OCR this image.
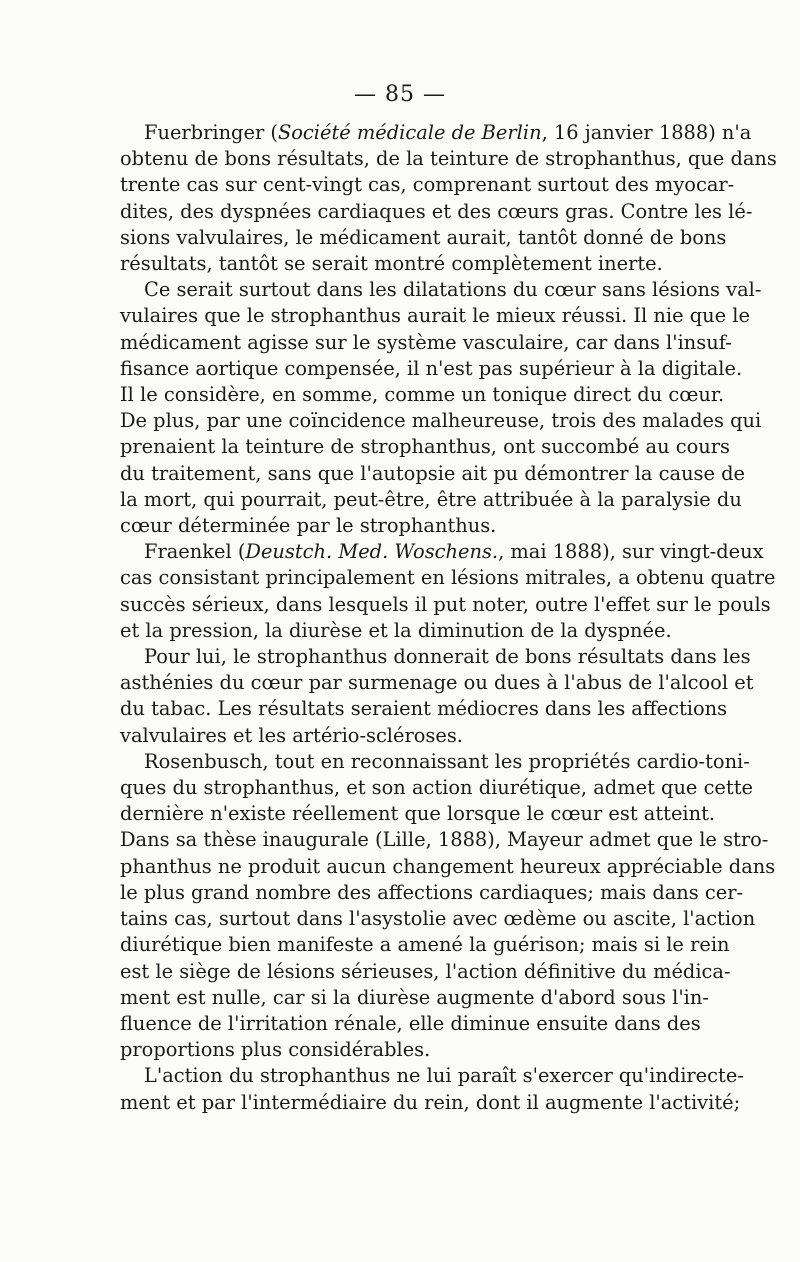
— 85 —
Fuerbringer (Société médicale de Berlin, 16 janvier 1888) n'a
obtenu de bons résultats, de la teinture de strophanthus, que dans
trente cas sur cent-vingt cas, comprenant surtout des myocar-
dites, des dyspnées cardiaques et des cœurs gras. Contre les lé-
sions valvulaires, le médicament aurait, tantôt donné de bons
résultats, tantôt se serait montré complètement inerte.
Ce serait surtout dans les dilatations du cœur sans lésions val-
vulaires que le strophanthus aurait le mieux réussi. Il nie que le
médicament agisse sur le système vasculaire, car dans l'insuf-
fisance aortique compensée, il n'est pas supérieur à la digitale.
Il le considère, en somme, comme un tonique direct du cœur.
De plus, par une coïncidence malheureuse, trois des malades qui
prenaient la teinture de strophanthus, ont succombé au cours
du traitement, sans que l'autopsie ait pu démontrer la cause de
la mort, qui pourrait, peut-être, être attribuée à la paralysie du
cœur déterminée par le strophanthus.
Fraenkel (Deustch. Med. Woschens., mai 1888), sur vingt-deux
cas consistant principalement en lésions mitrales, a obtenu quatre
succès sérieux, dans lesquels il put noter, outre l'effet sur le pouls
et la pression, la diurèse et la diminution de la dyspnée.
Pour lui, le strophanthus donnerait de bons résultats dans les
asthénies du cœur par surmenage ou dues à l'abus de l'alcool et
du tabac. Les résultats seraient médiocres dans les affections
valvulaires et les artério-scléroses.
Rosenbusch, tout en reconnaissant les propriétés cardio-toni-
ques du strophanthus, et son action diurétique, admet que cette
dernière n'existe réellement que lorsque le cœur est atteint.
Dans sa thèse inaugurale (Lille, 1888), Mayeur admet que le stro-
phanthus ne produit aucun changement heureux appréciable dans
le plus grand nombre des affections cardiaques; mais dans cer-
tains cas, surtout dans l'asystolie avec œdème ou ascite, l'action
diurétique bien manifeste a amené la guérison; mais si le rein
est le siège de lésions sérieuses, l'action définitive du médica-
ment est nulle, car si la diurèse augmente d'abord sous l'in-
fluence de l'irritation rénale, elle diminue ensuite dans des
proportions plus considérables.
L'action du strophanthus ne lui paraît s'exercer qu'indirecte-
ment et par l'intermédiaire du rein, dont il augmente l'activité;
